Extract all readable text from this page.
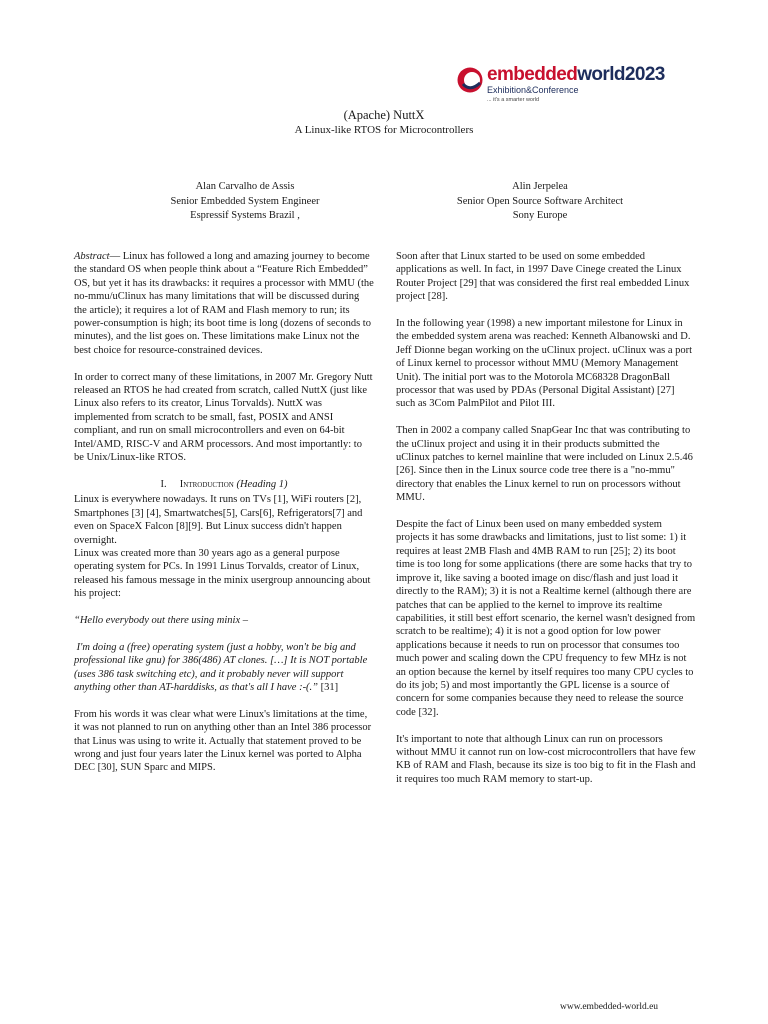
embeddedworld2023
Exhibition&Conference
... it's a smarter world
(Apache) NuttX
A Linux-like RTOS for Microcontrollers
Alan Carvalho de Assis
Senior Embedded System Engineer
Espressif Systems Brazil ,
Alin Jerpelea
Senior Open Source Software Architect
Sony Europe

Abstract— Linux has followed a long and amazing journey to become the standard OS when people think about a “Feature Rich Embedded” OS, but yet it has its drawbacks: it requires a processor with MMU (the no-mmu/uClinux has many limitations that will be discussed during the article); it requires a lot of RAM and Flash memory to run; its power-consumption is high; its boot time is long (dozens of seconds to minutes), and the list goes on. These limitations make Linux not the best choice for resource-constrained devices.

In order to correct many of these limitations, in 2007 Mr. Gregory Nutt released an RTOS he had created from scratch, called NuttX (just like Linux also refers to its creator, Linus Torvalds). NuttX was implemented from scratch to be small, fast, POSIX and ANSI compliant, and run on small microcontrollers and even on 64-bit Intel/AMD, RISC-V and ARM processors. And most importantly: to be Unix/Linux-like RTOS.

I. Introduction (Heading 1)

Linux is everywhere nowadays. It runs on TVs [1], WiFi routers [2], Smartphones [3] [4], Smartwatches[5], Cars[6], Refrigerators[7] and even on SpaceX Falcon [8][9]. But Linux success didn't happen overnight.

Linux was created more than 30 years ago as a general purpose operating system for PCs. In 1991 Linus Torvalds, creator of Linux, released his famous message in the minix usergroup announcing about his project:

“Hello everybody out there using minix –

I'm doing a (free) operating system (just a hobby, won't be big and professional like gnu) for 386(486) AT clones. […] It is NOT portable (uses 386 task switching etc), and it probably never will support anything other than AT-harddisks, as that's all I have :-(.” [31]

From his words it was clear what were Linux's limitations at the time, it was not planned to run on anything other than an Intel 386 processor that Linus was using to write it. Actually that statement proved to be wrong and just four years later the Linux kernel was ported to Alpha DEC [30], SUN Sparc and MIPS.

Soon after that Linux started to be used on some embedded applications as well. In fact, in 1997 Dave Cinege created the Linux Router Project [29] that was considered the first real embedded Linux project [28].

In the following year (1998) a new important milestone for Linux in the embedded system arena was reached: Kenneth Albanowski and D. Jeff Dionne began working on the uClinux project. uClinux was a port of Linux kernel to processor without MMU (Memory Management Unit). The initial port was to the Motorola MC68328 DragonBall processor that was used by PDAs (Personal Digital Assistant) [27] such as 3Com PalmPilot and Pilot III.

Then in 2002 a company called SnapGear Inc that was contributing to the uClinux project and using it in their products submitted the uClinux patches to kernel mainline that were included on Linux 2.5.46 [26]. Since then in the Linux source code tree there is a "no-mmu" directory that enables the Linux kernel to run on processors without MMU.

Despite the fact of Linux been used on many embedded system projects it has some drawbacks and limitations, just to list some: 1) it requires at least 2MB Flash and 4MB RAM to run [25]; 2) its boot time is too long for some applications (there are some hacks that try to improve it, like saving a booted image on disc/flash and just load it directly to the RAM); 3) it is not a Realtime kernel (although there are patches that can be applied to the kernel to improve its realtime capabilities, it still best effort scenario, the kernel wasn't designed from scratch to be realtime); 4) it is not a good option for low power applications because it needs to run on processor that consumes too much power and scaling down the CPU frequency to few MHz is not an option because the kernel by itself requires too many CPU cycles to do its job; 5) and most importantly the GPL license is a source of concern for some companies because they need to release the source code [32].

It's important to note that although Linux can run on processors without MMU it cannot run on low-cost microcontrollers that have few KB of RAM and Flash, because its size is too big to fit in the Flash and it requires too much RAM memory to start-up.

www.embedded-world.eu
